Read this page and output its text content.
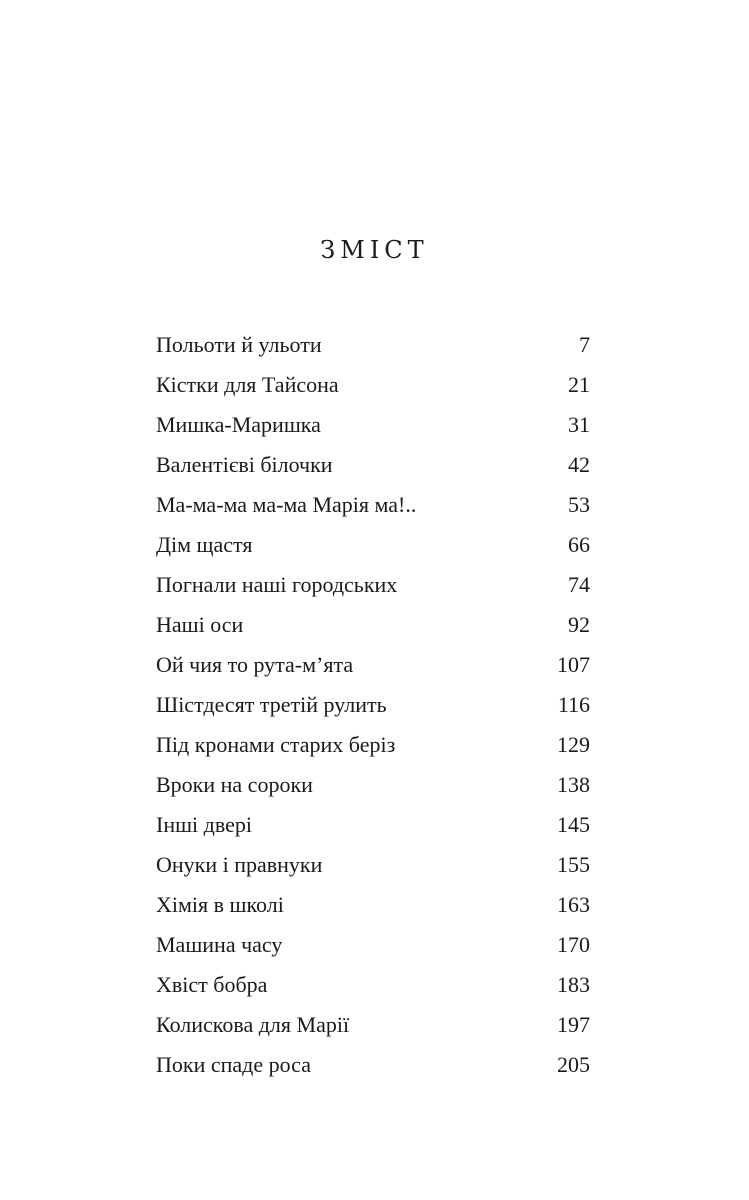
ЗМІСТ
Польоти й ульоти	7
Кістки для Тайсона	21
Мишка-Маришка	31
Валентієві білочки	42
Ма-ма-ма ма-ма Марія ма!..	53
Дім щастя	66
Погнали наші городських	74
Наші оси	92
Ой чия то рута-м’ята	107
Шістдесят третій рулить	116
Під кронами старих беріз	129
Вроки на сороки	138
Інші двері	145
Онуки і правнуки	155
Хімія в школі	163
Машина часу	170
Хвіст бобра	183
Колискова для Марії	197
Поки спаде роса	205
